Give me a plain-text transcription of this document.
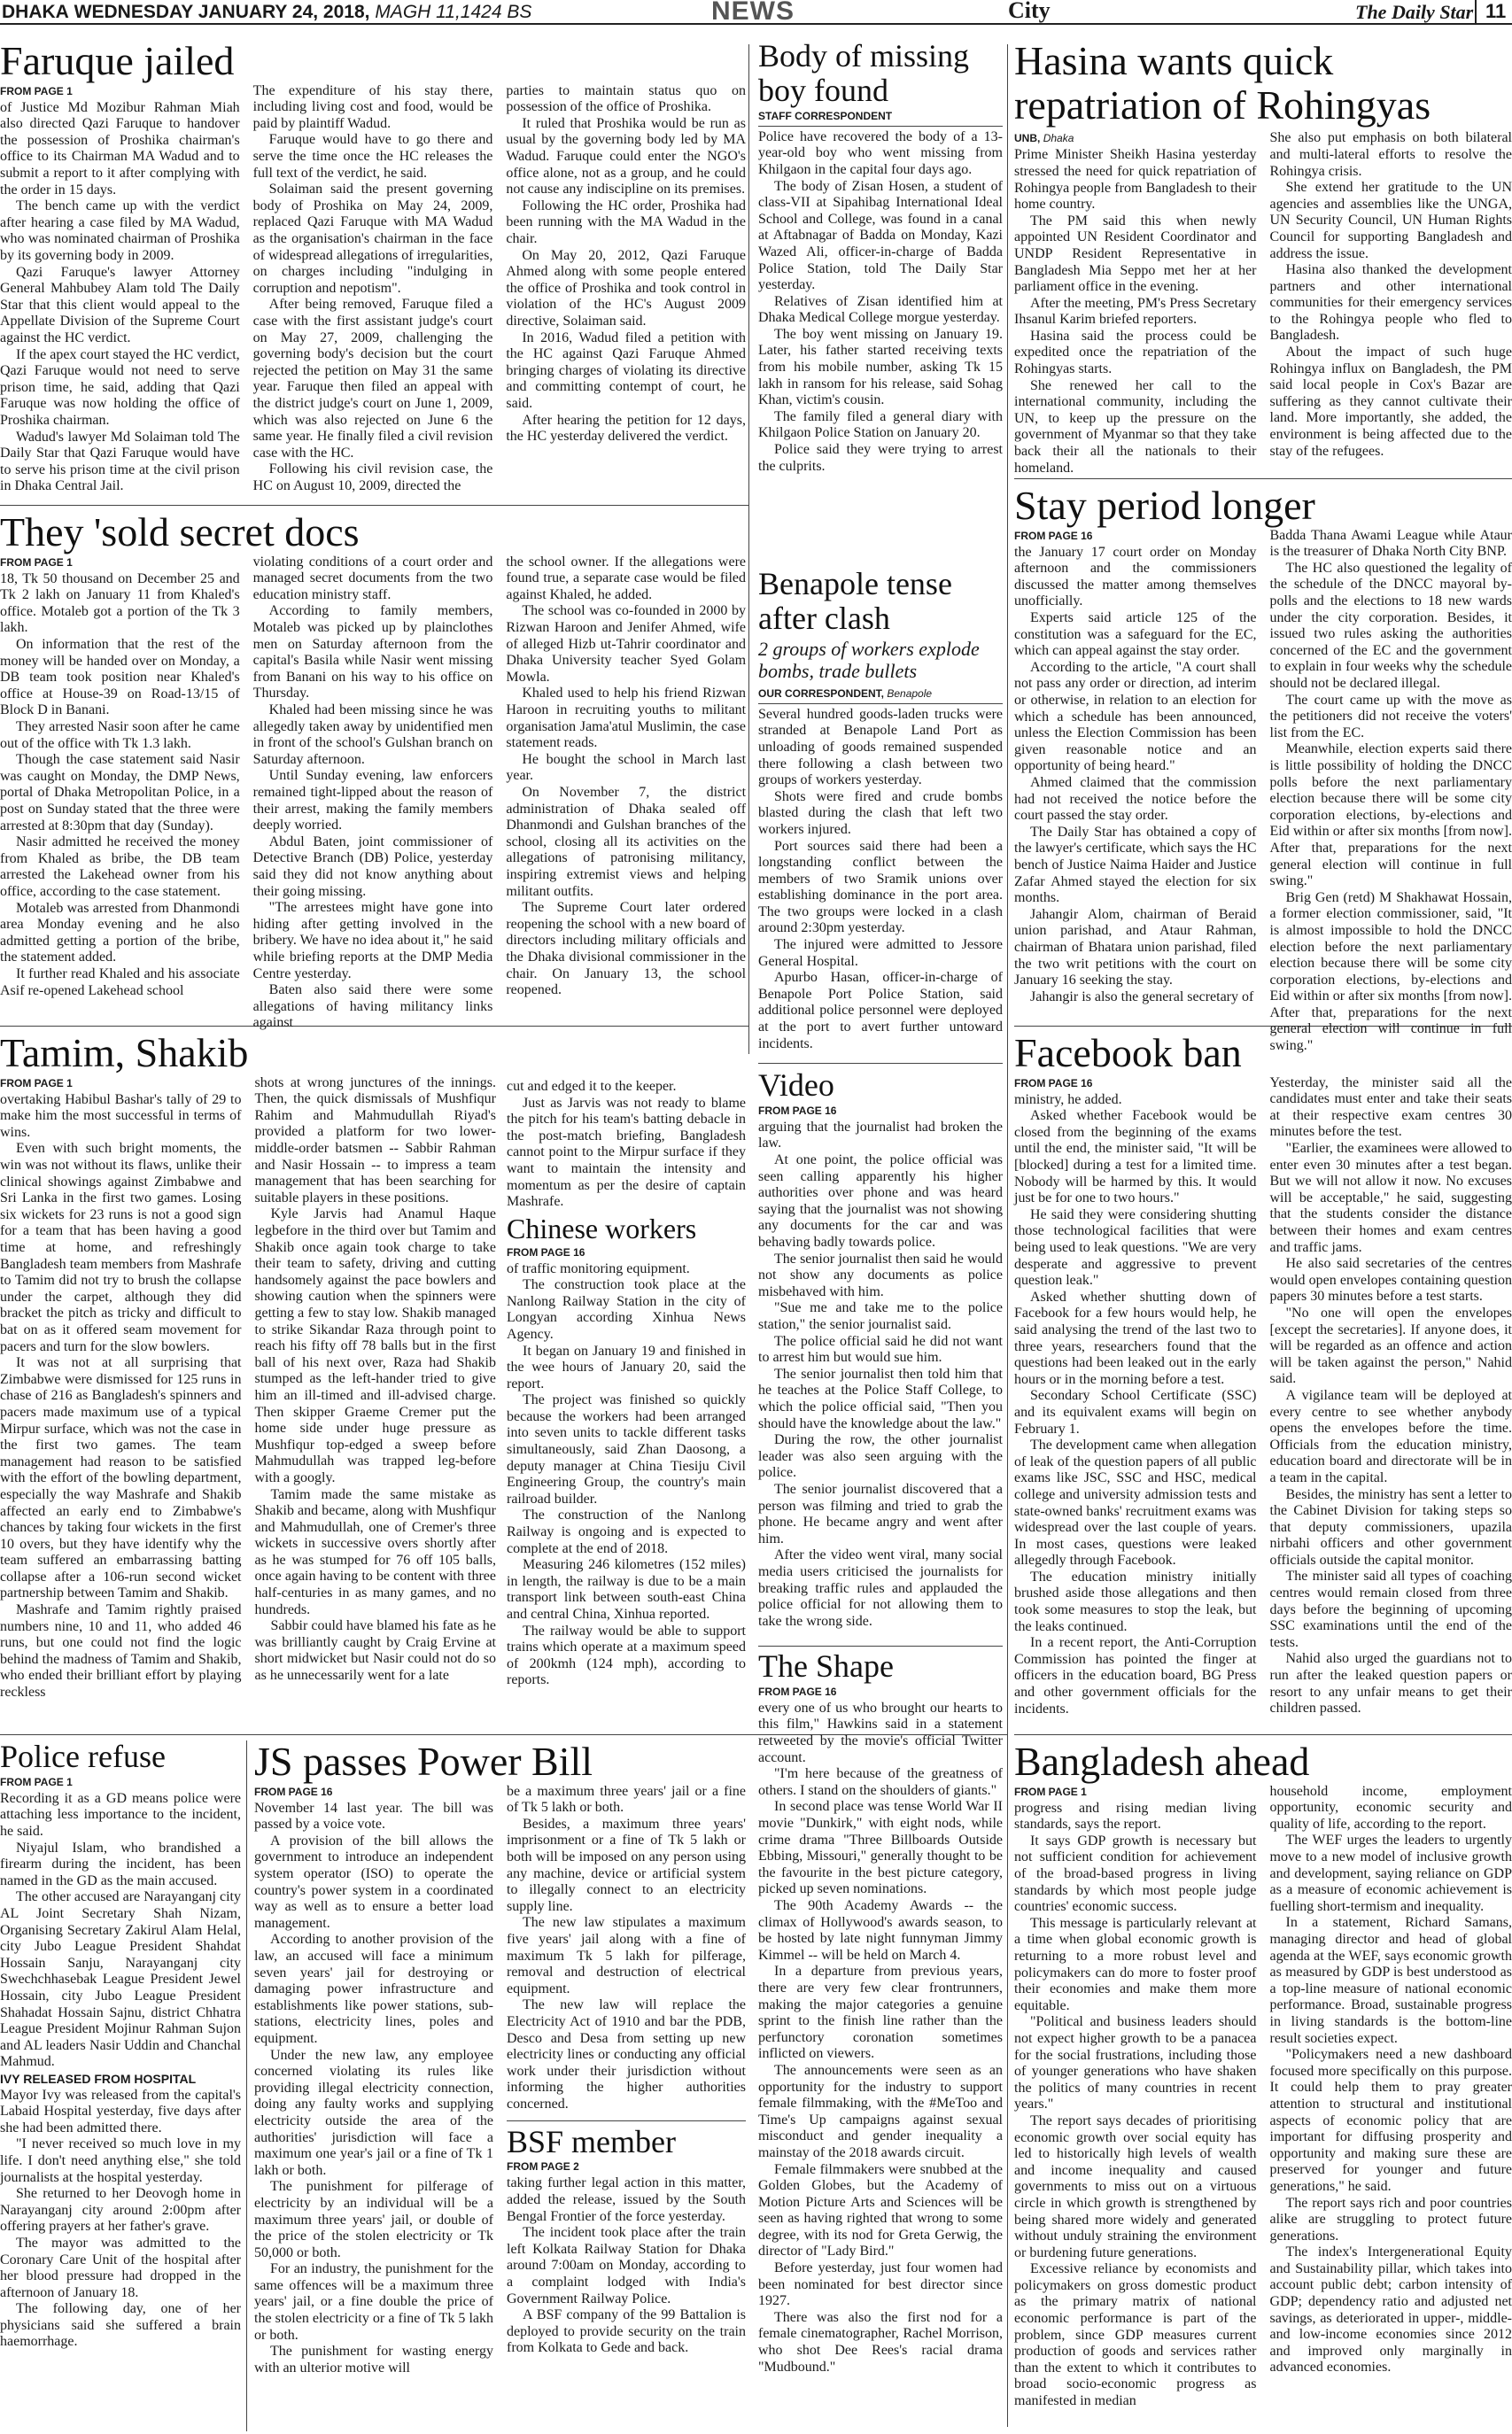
DHAKA WEDNESDAY JANUARY 24, 2018, MAGH 11,1424 BS	NEWS	City	The Daily Star 11
Faruque jailed
FROM PAGE 1

of Justice Md Mozibur Rahman Miah also directed Qazi Faruque to handover the possession of Proshika chairman's office to its Chairman MA Wadud and to submit a report to it after complying with the order in 15 days.

The bench came up with the verdict after hearing a case filed by MA Wadud, who was nominated chairman of Proshika by its governing body in 2009.

Qazi Faruque's lawyer Attorney General Mahbubey Alam told The Daily Star that this client would appeal to the Appellate Division of the Supreme Court against the HC verdict.

If the apex court stayed the HC verdict, Qazi Faruque would not need to serve prison time, he said, adding that Qazi Faruque was now holding the office of Proshika chairman.

Wadud's lawyer Md Solaiman told The Daily Star that Qazi Faruque would have to serve his prison time at the civil prison in Dhaka Central Jail.

The expenditure of his stay there, including living cost and food, would be paid by plaintiff Wadud.

Faruque would have to go there and serve the time once the HC releases the full text of the verdict, he said.

Solaiman said the present governing body of Proshika on May 24, 2009, replaced Qazi Faruque with MA Wadud as the organisation's chairman in the face of widespread allegations of irregularities, on charges including "indulging in corruption and nepotism".

After being removed, Faruque filed a case with the first assistant judge's court on May 27, 2009, challenging the governing body's decision but the court rejected the petition on May 31 the same year. Faruque then filed an appeal with the district judge's court on June 1, 2009, which was also rejected on June 6 the same year. He finally filed a civil revision case with the HC.

Following his civil revision case, the HC on August 10, 2009, directed the

parties to maintain status quo on possession of the office of Proshika.

It ruled that Proshika would be run as usual by the governing body led by MA Wadud. Faruque could enter the NGO's office alone, not as a group, and he could not cause any indiscipline on its premises.

Following the HC order, Proshika had been running with the MA Wadud in the chair.

On May 20, 2012, Qazi Faruque Ahmed along with some people entered the office of Proshika and took control in violation of the HC's August 2009 directive, Solaiman said.

In 2016, Wadud filed a petition with the HC against Qazi Faruque Ahmed bringing charges of violating its directive and committing contempt of court, he said.

After hearing the petition for 12 days, the HC yesterday delivered the verdict.

They 'sold secret docs
FROM PAGE 1

18, Tk 50 thousand on December 25 and Tk 2 lakh on January 11 from Khaled's office. Motaleb got a portion of the Tk 3 lakh.

On information that the rest of the money will be handed over on Monday, a DB team took position near Khaled's office at House-39 on Road-13/15 of Block D in Banani.

They arrested Nasir soon after he came out of the office with Tk 1.3 lakh.

Though the case statement said Nasir was caught on Monday, the DMP News, portal of Dhaka Metropolitan Police, in a post on Sunday stated that the three were arrested at 8:30pm that day (Sunday).

Nasir admitted he received the money from Khaled as bribe, the DB team arrested the Lakehead owner from his office, according to the case statement.

Motaleb was arrested from Dhanmondi area Monday evening and he also admitted getting a portion of the bribe, the statement added.

It further read Khaled and his associate Asif re-opened Lakehead school

violating conditions of a court order and managed secret documents from the two education ministry staff.

According to family members, Motaleb was picked up by plainclothes men on Saturday afternoon from the capital's Basila while Nasir went missing from Banani on his way to his office on Thursday.

Khaled had been missing since he was allegedly taken away by unidentified men in front of the school's Gulshan branch on Saturday afternoon.

Until Sunday evening, law enforcers remained tight-lipped about the reason of their arrest, making the family members deeply worried.

Abdul Baten, joint commissioner of Detective Branch (DB) Police, yesterday said they did not know anything about their going missing.

"The arrestees might have gone into hiding after getting involved in the bribery. We have no idea about it," he said while briefing reports at the DMP Media Centre yesterday.

Baten also said there were some allegations of having militancy links against

the school owner. If the allegations were found true, a separate case would be filed against Khaled, he added.

The school was co-founded in 2000 by Rizwan Haroon and Jenifer Ahmed, wife of alleged Hizb ut-Tahrir coordinator and Dhaka University teacher Syed Golam Mowla.

Khaled used to help his friend Rizwan Haroon in recruiting youths to militant organisation Jama'atul Muslimin, the case statement reads.

He bought the school in March last year.

On November 7, the district administration of Dhaka sealed off Dhanmondi and Gulshan branches of the school, closing all its activities on the allegations of patronising militancy, inspiring extremist views and helping militant outfits.

The Supreme Court later ordered reopening the school with a new board of directors including military officials and the Dhaka divisional commissioner in the chair. On January 13, the school reopened.

Tamim, Shakib
FROM PAGE 1

overtaking Habibul Bashar's tally of 29 to make him the most successful in terms of wins.

Even with such bright moments, the win was not without its flaws, unlike their clinical showings against Zimbabwe and Sri Lanka in the first two games. Losing six wickets for 23 runs is not a good sign for a team that has been having a good time at home, and refreshingly Bangladesh team members from Mashrafe to Tamim did not try to brush the collapse under the carpet, although they did bracket the pitch as tricky and difficult to bat on as it offered seam movement for pacers and turn for the slow bowlers.

It was not at all surprising that Zimbabwe were dismissed for 125 runs in chase of 216 as Bangladesh's spinners and pacers made maximum use of a typical Mirpur surface, which was not the case in the first two games. The team management had reason to be satisfied with the effort of the bowling department, especially the way Mashrafe and Shakib affected an early end to Zimbabwe's chances by taking four wickets in the first 10 overs, but they have identify why the team suffered an embarrassing batting collapse after a 106-run second wicket partnership between Tamim and Shakib.

Mashrafe and Tamim rightly praised numbers nine, 10 and 11, who added 46 runs, but one could not find the logic behind the madness of Tamim and Shakib, who ended their brilliant effort by playing reckless

shots at wrong junctures of the innings. Then, the quick dismissals of Mushfiqur Rahim and Mahmudullah Riyad's provided a platform for two lower-middle-order batsmen -- Sabbir Rahman and Nasir Hossain -- to impress a team management that has been searching for suitable players in these positions.

Kyle Jarvis had Anamul Haque legbefore in the third over but Tamim and Shakib once again took charge to take their team to safety, driving and cutting handsomely against the pace bowlers and showing caution when the spinners were getting a few to stay low. Shakib managed to strike Sikandar Raza through point to reach his fifty off 78 balls but in the first ball of his next over, Raza had Shakib stumped as the left-hander tried to give him an ill-timed and ill-advised charge. Then skipper Graeme Cremer put the home side under huge pressure as Mushfiqur top-edged a sweep before Mahmudullah was trapped leg-before with a googly.

Tamim made the same mistake as Shakib and became, along with Mushfiqur and Mahmudullah, one of Cremer's three wickets in successive overs shortly after as he was stumped for 76 off 105 balls, once again having to be content with three half-centuries in as many games, and no hundreds.

Sabbir could have blamed his fate as he was brilliantly caught by Craig Ervine at short midwicket but Nasir could not do so as he unnecessarily went for a late

cut and edged it to the keeper.

Just as Jarvis was not ready to blame the pitch for his team's batting debacle in the post-match briefing, Bangladesh cannot point to the Mirpur surface if they want to maintain the intensity and momentum as per the desire of captain Mashrafe.

Chinese workers
FROM PAGE 16

of traffic monitoring equipment.

The construction took place at the Nanlong Railway Station in the city of Longyan according Xinhua News Agency.

It began on January 19 and finished in the wee hours of January 20, said the report.

The project was finished so quickly because the workers had been arranged into seven units to tackle different tasks simultaneously, said Zhan Daosong, a deputy manager at China Tiesiju Civil Engineering Group, the country's main railroad builder.

The construction of the Nanlong Railway is ongoing and is expected to complete at the end of 2018.

Measuring 246 kilometres (152 miles) in length, the railway is due to be a main transport link between south-east China and central China, Xinhua reported.

The railway would be able to support trains which operate at a maximum speed of 200kmh (124 mph), according to reports.

Body of missing boy found
STAFF CORRESPONDENT

Police have recovered the body of a 13-year-old boy who went missing from Khilgaon in the capital four days ago.

The body of Zisan Hosen, a student of class-VII at Sipahibag International Ideal School and College, was found in a canal at Aftabnagar of Badda on Monday, Kazi Wazed Ali, officer-in-charge of Badda Police Station, told The Daily Star yesterday.

Relatives of Zisan identified him at Dhaka Medical College morgue yesterday.

The boy went missing on January 19. Later, his father started receiving texts from his mobile number, asking Tk 15 lakh in ransom for his release, said Sohag Khan, victim's cousin.

The family filed a general diary with Khilgaon Police Station on January 20.

Police said they were trying to arrest the culprits.

Benapole tense after clash
2 groups of workers explode bombs, trade bullets
OUR CORRESPONDENT, Benapole

Several hundred goods-laden trucks were stranded at Benapole Land Port as unloading of goods remained suspended there following a clash between two groups of workers yesterday.

Shots were fired and crude bombs blasted during the clash that left two workers injured.

Port sources said there had been a longstanding conflict between the members of two Sramik unions over establishing dominance in the port area. The two groups were locked in a clash around 2:30pm yesterday.

The injured were admitted to Jessore General Hospital.

Apurbo Hasan, officer-in-charge of Benapole Port Police Station, said additional police personnel were deployed at the port to avert further untoward incidents.

Video
FROM PAGE 16

arguing that the journalist had broken the law.

At one point, the police official was seen calling apparently his higher authorities over phone and was heard saying that the journalist was not showing any documents for the car and was behaving badly towards police.

The senior journalist then said he would not show any documents as police misbehaved with him.

"Sue me and take me to the police station," the senior journalist said.

The police official said he did not want to arrest him but would sue him.

The senior journalist then told him that he teaches at the Police Staff College, to which the police official said, "Then you should have the knowledge about the law."

During the row, the other journalist leader was also seen arguing with the police.

The senior journalist discovered that a person was filming and tried to grab the phone. He became angry and went after him.

After the video went viral, many social media users criticised the journalists for breaking traffic rules and applauded the police official for not allowing them to take the wrong side.

The Shape
FROM PAGE 16

every one of us who brought our hearts to this film," Hawkins said in a statement retweeted by the movie's official Twitter account.

"I'm here because of the greatness of others. I stand on the shoulders of giants."

In second place was tense World War II movie "Dunkirk," with eight nods, while crime drama "Three Billboards Outside Ebbing, Missouri," generally thought to be the favourite in the best picture category, picked up seven nominations.

The 90th Academy Awards -- the climax of Hollywood's awards season, to be hosted by late night funnyman Jimmy Kimmel -- will be held on March 4.

In a departure from previous years, there are very few clear frontrunners, making the major categories a genuine sprint to the finish line rather than the perfunctory coronation sometimes inflicted on viewers.

The announcements were seen as an opportunity for the industry to support female filmmaking, with the #MeToo and Time's Up campaigns against sexual misconduct and gender inequality a mainstay of the 2018 awards circuit.

Female filmmakers were snubbed at the Golden Globes, but the Academy of Motion Picture Arts and Sciences will be seen as having righted that wrong to some degree, with its nod for Greta Gerwig, the director of "Lady Bird."

Before yesterday, just four women had been nominated for best director since 1927.

There was also the first nod for a female cinematographer, Rachel Morrison, who shot Dee Rees's racial drama "Mudbound."

Police refuse
FROM PAGE 1

Recording it as a GD means police were attaching less importance to the incident, he said.

Niyajul Islam, who brandished a firearm during the incident, has been named in the GD as the main accused.

The other accused are Narayanganj city AL Joint Secretary Shah Nizam, Organising Secretary Zakirul Alam Helal, city Jubo League President Shahdat Hossain Sanju, Narayanganj city Swechchhasebak League President Jewel Hossain, city Jubo League President Shahadat Hossain Sajnu, district Chhatra League President Mojinur Rahman Sujon and AL leaders Nasir Uddin and Chanchal Mahmud.

IVY RELEASED FROM HOSPITAL

Mayor Ivy was released from the capital's Labaid Hospital yesterday, five days after she had been admitted there.

"I never received so much love in my life. I don't need anything else," she told journalists at the hospital yesterday.

She returned to her Deovogh home in Narayanganj city around 2:00pm after offering prayers at her father's grave.

The mayor was admitted to the Coronary Care Unit of the hospital after her blood pressure had dropped in the afternoon of January 18.

The following day, one of her physicians said she suffered a brain haemorrhage.

JS passes Power Bill
FROM PAGE 16

November 14 last year. The bill was passed by a voice vote.

A provision of the bill allows the government to introduce an independent system operator (ISO) to operate the country's power system in a coordinated way as well as to ensure a better load management.

According to another provision of the law, an accused will face a minimum seven years' jail for destroying or damaging power infrastructure and establishments like power stations, sub-stations, electricity lines, poles and equipment.

Under the new law, any employee concerned violating its rules like providing illegal electricity connection, doing any faulty works and supplying electricity outside the area of the authorities' jurisdiction will face a maximum one year's jail or a fine of Tk 1 lakh or both.

The punishment for pilferage of electricity by an individual will be a maximum three years' jail, or double of the price of the stolen electricity or Tk 50,000 or both.

For an industry, the punishment for the same offences will be a maximum three years' jail, or a fine double the price of the stolen electricity or a fine of Tk 5 lakh or both.

The punishment for wasting energy with an ulterior motive will

be a maximum three years' jail or a fine of Tk 5 lakh or both.

Besides, a maximum three years' imprisonment or a fine of Tk 5 lakh or both will be imposed on any person using any machine, device or artificial system to illegally connect to an electricity supply line.

The new law stipulates a maximum five years' jail along with a fine of maximum Tk 5 lakh for pilferage, removal and destruction of electrical equipment.

The new law will replace the Electricity Act of 1910 and bar the PDB, Desco and Desa from setting up new electricity lines or conducting any official work under their jurisdiction without informing the higher authorities concerned.

BSF member
FROM PAGE 2

taking further legal action in this matter, added the release, issued by the South Bengal Frontier of the force yesterday.

The incident took place after the train left Kolkata Railway Station for Dhaka around 7:00am on Monday, according to a complaint lodged with India's Government Railway Police.

A BSF company of the 99 Battalion is deployed to provide security on the train from Kolkata to Gede and back.

Hasina wants quick repatriation of Rohingyas
UNB, Dhaka

Prime Minister Sheikh Hasina yesterday stressed the need for quick repatriation of Rohingya people from Bangladesh to their home country.

The PM said this when newly appointed UN Resident Coordinator and UNDP Resident Representative in Bangladesh Mia Seppo met her at her parliament office in the evening.

After the meeting, PM's Press Secretary Ihsanul Karim briefed reporters.

Hasina said the process could be expedited once the repatriation of the Rohingyas starts.

She renewed her call to the international community, including the UN, to keep up the pressure on the government of Myanmar so that they take back their all the nationals to their homeland.

She also put emphasis on both bilateral and multi-lateral efforts to resolve the Rohingya crisis.

She extend her gratitude to the UN agencies and assemblies like the UNGA, UN Security Council, UN Human Rights Council for supporting Bangladesh and address the issue.

Hasina also thanked the development partners and other international communities for their emergency services to the Rohingya people who fled to Bangladesh.

About the impact of such huge Rohingya influx on Bangladesh, the PM said local people in Cox's Bazar are suffering as they cannot cultivate their land. More importantly, she added, the environment is being affected due to the stay of the refugees.

Stay period longer
FROM PAGE 16

the January 17 court order on Monday afternoon and the commissioners discussed the matter among themselves unofficially.

Experts said article 125 of the constitution was a safeguard for the EC, which can appeal against the stay order.

According to the article, "A court shall not pass any order or direction, ad interim or otherwise, in relation to an election for which a schedule has been announced, unless the Election Commission has been given reasonable notice and an opportunity of being heard."

Ahmed claimed that the commission had not received the notice before the court passed the stay order.

The Daily Star has obtained a copy of the lawyer's certificate, which says the HC bench of Justice Naima Haider and Justice Zafar Ahmed stayed the election for six months.

Jahangir Alom, chairman of Beraid union parishad, and Ataur Rahman, chairman of Bhatara union parishad, filed the two writ petitions with the court on January 16 seeking the stay.

Jahangir is also the general secretary of

Badda Thana Awami League while Ataur is the treasurer of Dhaka North City BNP.

The HC also questioned the legality of the schedule of the DNCC mayoral by-polls and the elections to 18 new wards under the city corporation. Besides, it issued two rules asking the authorities concerned of the EC and the government to explain in four weeks why the schedule should not be declared illegal.

The court came up with the move as the petitioners did not receive the voters' list from the EC.

Meanwhile, election experts said there is little possibility of holding the DNCC polls before the next parliamentary election because there will be some city corporation elections, by-elections and Eid within or after six months [from now]. After that, preparations for the next general election will continue in full swing."

Brig Gen (retd) M Shakhawat Hossain, a former election commissioner, said, "It is almost impossible to hold the DNCC election before the next parliamentary election because there will be some city corporation elections, by-elections and Eid within or after six months [from now]. After that, preparations for the next general election will continue in full swing."

Facebook ban
FROM PAGE 16

ministry, he added.

Asked whether Facebook would be closed from the beginning of the exams until the end, the minister said, "It will be [blocked] during a test for a limited time. Nobody will be harmed by this. It would just be for one to two hours."

He said they were considering shutting those technological facilities that were being used to leak questions. "We are very desperate and aggressive to prevent question leak."

Asked whether shutting down of Facebook for a few hours would help, he said analysing the trend of the last two to three years, researchers found that the questions had been leaked out in the early hours or in the morning before a test.

Secondary School Certificate (SSC) and its equivalent exams will begin on February 1.

The development came when allegation of leak of the question papers of all public exams like JSC, SSC and HSC, medical college and university admission tests and state-owned banks' recruitment exams was widespread over the last couple of years. In most cases, questions were leaked allegedly through Facebook.

The education ministry initially brushed aside those allegations and then took some measures to stop the leak, but the leaks continued.

In a recent report, the Anti-Corruption Commission has pointed the finger at officers in the education board, BG Press and other government officials for the incidents.

Yesterday, the minister said all the candidates must enter and take their seats at their respective exam centres 30 minutes before the test.

"Earlier, the examinees were allowed to enter even 30 minutes after a test began. But we will not allow it now. No excuses will be acceptable," he said, suggesting that the students consider the distance between their homes and exam centres and traffic jams.

He also said secretaries of the centres would open envelopes containing question papers 30 minutes before a test starts.

"No one will open the envelopes [except the secretaries]. If anyone does, it will be regarded as an offence and action will be taken against the person," Nahid said.

A vigilance team will be deployed at every centre to see whether anybody opens the envelopes before the time. Officials from the education ministry, education board and directorate will be in a team in the capital.

Besides, the ministry has sent a letter to the Cabinet Division for taking steps so that deputy commissioners, upazila nirbahi officers and other government officials outside the capital monitor.

The minister said all types of coaching centres would remain closed from three days before the beginning of upcoming SSC examinations until the end of the tests.

Nahid also urged the guardians not to run after the leaked question papers or resort to any unfair means to get their children passed.

Bangladesh ahead
FROM PAGE 1

progress and rising median living standards, says the report.

It says GDP growth is necessary but not sufficient condition for achievement of the broad-based progress in living standards by which most people judge countries' economic success.

This message is particularly relevant at a time when global economic growth is returning to a more robust level and policymakers can do more to foster proof their economies and make them more equitable.

"Political and business leaders should not expect higher growth to be a panacea for the social frustrations, including those of younger generations who have shaken the politics of many countries in recent years."

The report says decades of prioritising economic growth over social equity has led to historically high levels of wealth and income inequality and caused governments to miss out on a virtuous circle in which growth is strengthened by being shared more widely and generated without unduly straining the environment or burdening future generations.

Excessive reliance by economists and policymakers on gross domestic product as the primary matrix of national economic performance is part of the problem, since GDP measures current production of goods and services rather than the extent to which it contributes to broad socio-economic progress as manifested in median

household income, employment opportunity, economic security and quality of life, according to the report.

The WEF urges the leaders to urgently move to a new model of inclusive growth and development, saying reliance on GDP as a measure of economic achievement is fuelling short-termism and inequality.

In a statement, Richard Samans, managing director and head of global agenda at the WEF, says economic growth as measured by GDP is best understood as a top-line measure of national economic performance. Broad, sustainable progress in living standards is the bottom-line result societies expect.

"Policymakers need a new dashboard focused more specifically on this purpose. It could help them to pray greater attention to structural and institutional aspects of economic policy that are important for diffusing prosperity and opportunity and making sure these are preserved for younger and future generations," he said.

The report says rich and poor countries alike are struggling to protect future generations.

The index's Intergenerational Equity and Sustainability pillar, which takes into account public debt; carbon intensity of GDP; dependency ratio and adjusted net savings, as deteriorated in upper-, middle- and low-income economies since 2012 and improved only marginally in advanced economies.
